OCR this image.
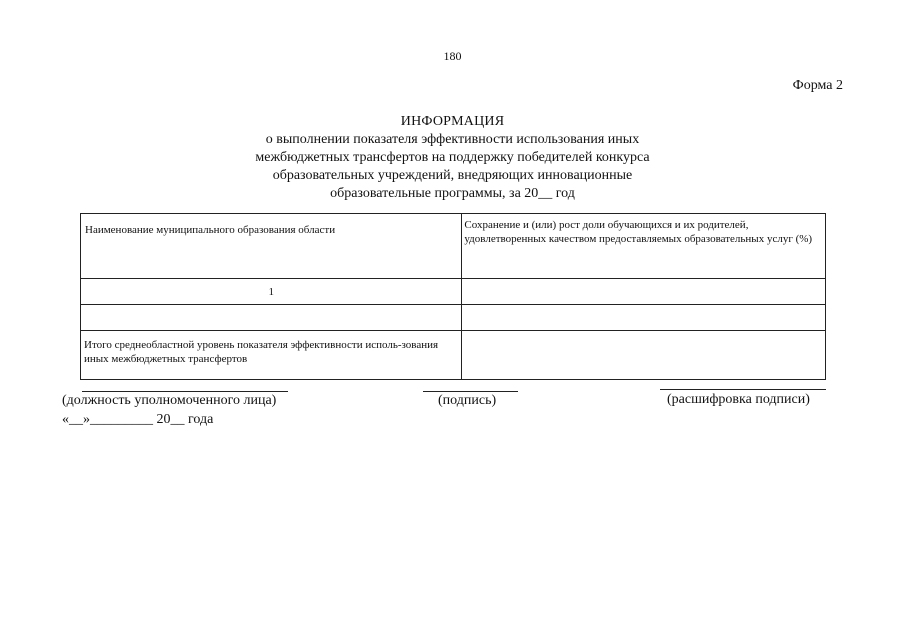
180
Форма 2
ИНФОРМАЦИЯ
о выполнении показателя эффективности использования иных
межбюджетных трансфертов на поддержку победителей конкурса
образовательных учреждений, внедряющих инновационные
образовательные программы, за 20__ год
Наименование муниципального образования области	Сохранение и (или) рост доли обучающихся и их родителей, удовлетворенных качеством предоставляемых образовательных услуг (%)
1	

Итого среднеобластной уровень показателя эффективности исполь-зования иных межбюджетных трансфертов	
(должность уполномоченного лица)	(подпись)	(расшифровка подписи)
«__»_________ 20__ года
